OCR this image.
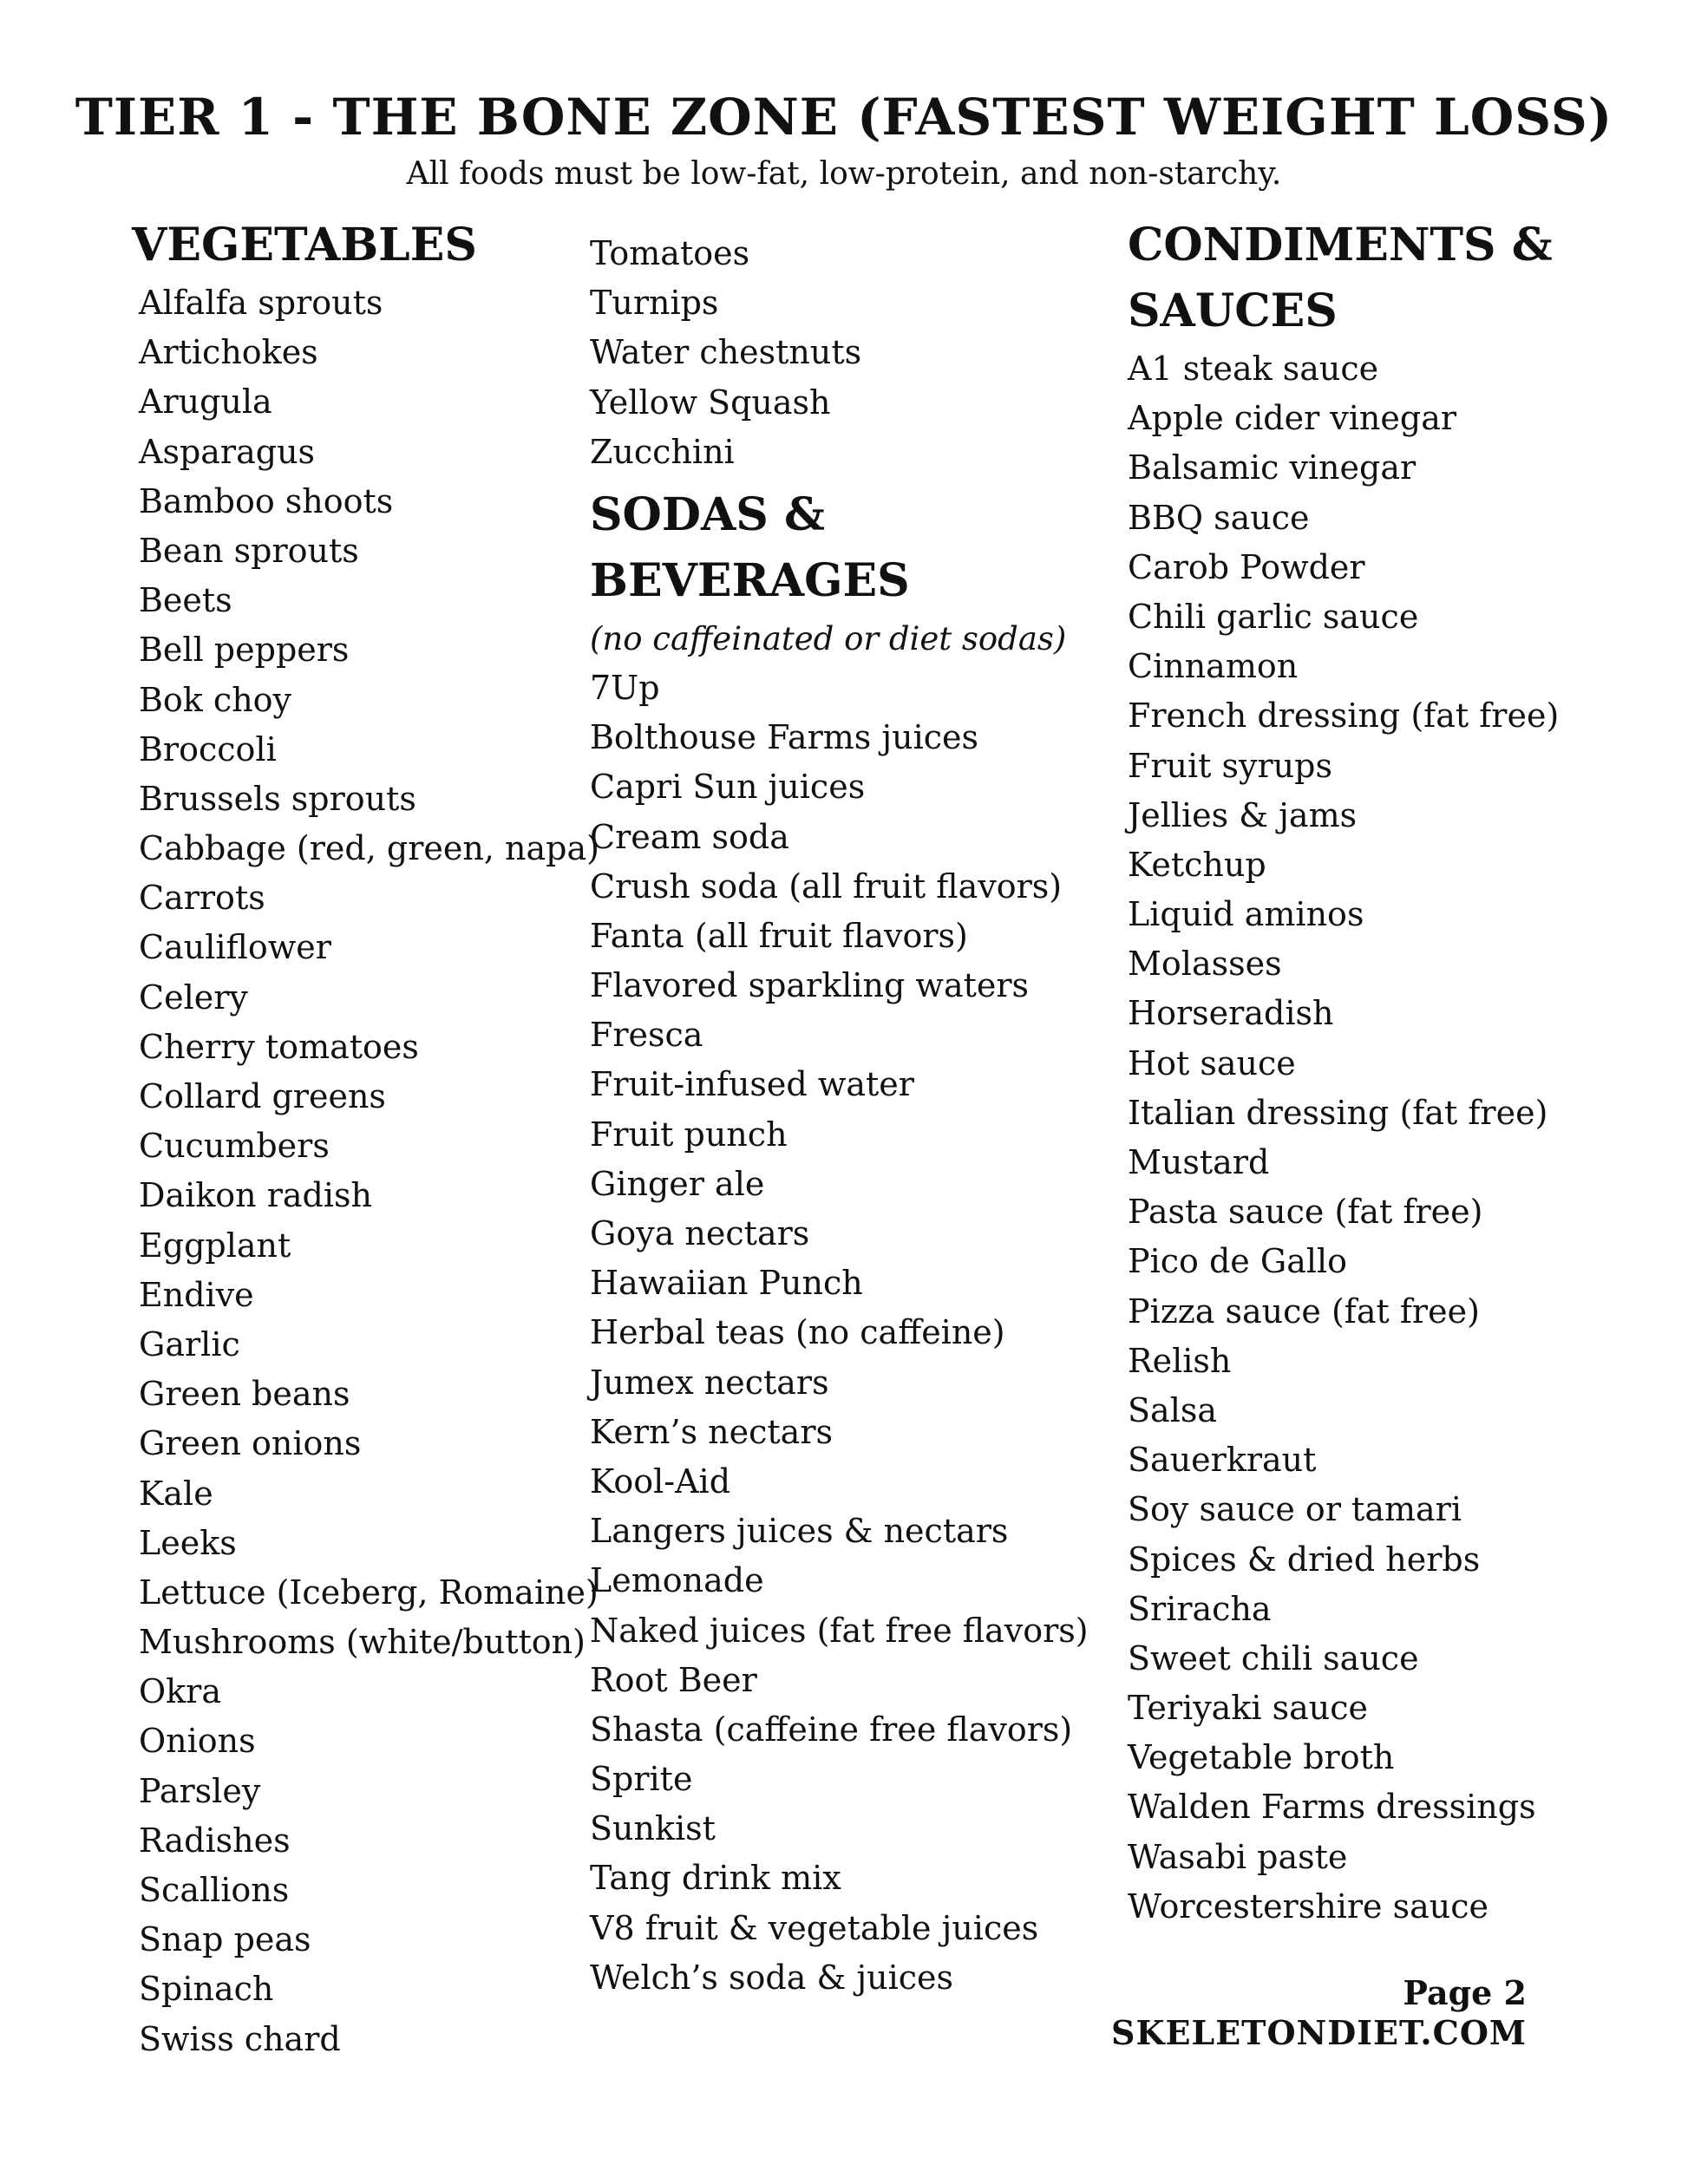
TIER 1 - THE BONE ZONE (FASTEST WEIGHT LOSS)
All foods must be low-fat, low-protein, and non-starchy.
VEGETABLES
Alfalfa sprouts
Artichokes
Arugula
Asparagus
Bamboo shoots
Bean sprouts
Beets
Bell peppers
Bok choy
Broccoli
Brussels sprouts
Cabbage (red, green, napa)
Carrots
Cauliflower
Celery
Cherry tomatoes
Collard greens
Cucumbers
Daikon radish
Eggplant
Endive
Garlic
Green beans
Green onions
Kale
Leeks
Lettuce (Iceberg, Romaine)
Mushrooms (white/button)
Okra
Onions
Parsley
Radishes
Scallions
Snap peas
Spinach
Swiss chard
Tomatoes
Turnips
Water chestnuts
Yellow Squash
Zucchini
SODAS &
BEVERAGES
(no caffeinated or diet sodas)
7Up
Bolthouse Farms juices
Capri Sun juices
Cream soda
Crush soda (all fruit flavors)
Fanta (all fruit flavors)
Flavored sparkling waters
Fresca
Fruit-infused water
Fruit punch
Ginger ale
Goya nectars
Hawaiian Punch
Herbal teas (no caffeine)
Jumex nectars
Kern’s nectars
Kool-Aid
Langers juices & nectars
Lemonade
Naked juices (fat free flavors)
Root Beer
Shasta (caffeine free flavors)
Sprite
Sunkist
Tang drink mix
V8 fruit & vegetable juices
Welch’s soda & juices
CONDIMENTS &
SAUCES
A1 steak sauce
Apple cider vinegar
Balsamic vinegar
BBQ sauce
Carob Powder
Chili garlic sauce
Cinnamon
French dressing (fat free)
Fruit syrups
Jellies & jams
Ketchup
Liquid aminos
Molasses
Horseradish
Hot sauce
Italian dressing (fat free)
Mustard
Pasta sauce (fat free)
Pico de Gallo
Pizza sauce (fat free)
Relish
Salsa
Sauerkraut
Soy sauce or tamari
Spices & dried herbs
Sriracha
Sweet chili sauce
Teriyaki sauce
Vegetable broth
Walden Farms dressings
Wasabi paste
Worcestershire sauce
Page 2
SKELETONDIET.COM
